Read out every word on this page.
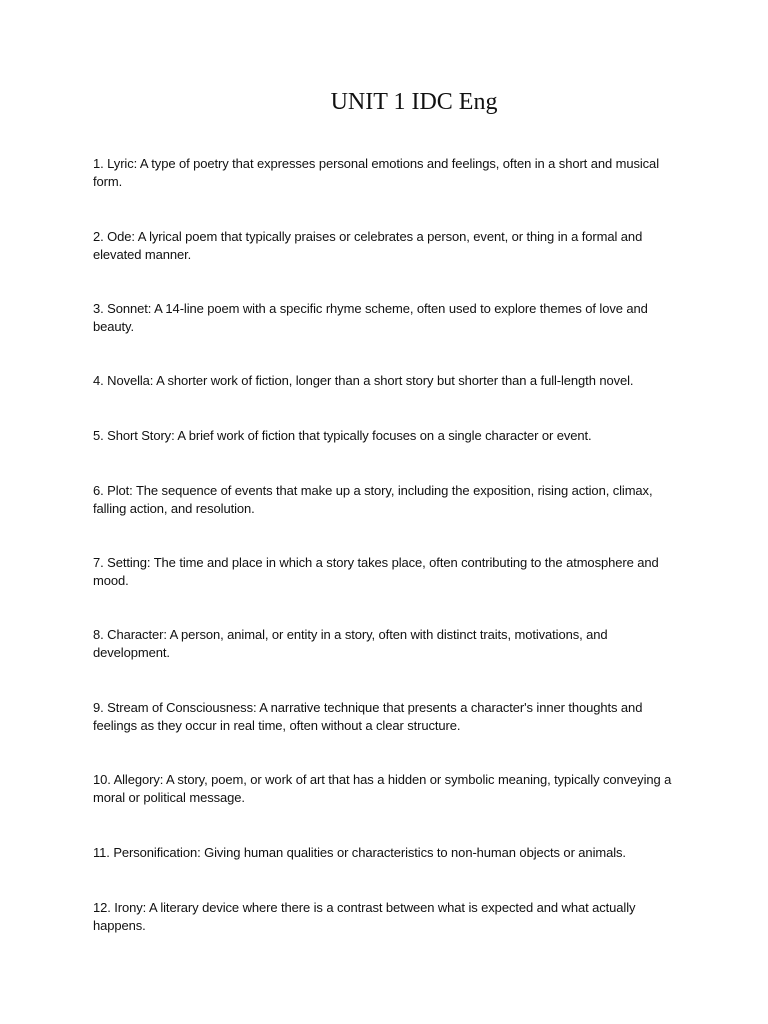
UNIT 1 IDC Eng

1. Lyric: A type of poetry that expresses personal emotions and feelings, often in a short and musical form.

2. Ode: A lyrical poem that typically praises or celebrates a person, event, or thing in a formal and elevated manner.

3. Sonnet: A 14-line poem with a specific rhyme scheme, often used to explore themes of love and beauty.

4. Novella: A shorter work of fiction, longer than a short story but shorter than a full-length novel.

5. Short Story: A brief work of fiction that typically focuses on a single character or event.

6. Plot: The sequence of events that make up a story, including the exposition, rising action, climax, falling action, and resolution.

7. Setting: The time and place in which a story takes place, often contributing to the atmosphere and mood.

8. Character: A person, animal, or entity in a story, often with distinct traits, motivations, and development.

9. Stream of Consciousness: A narrative technique that presents a character's inner thoughts and feelings as they occur in real time, often without a clear structure.

10. Allegory: A story, poem, or work of art that has a hidden or symbolic meaning, typically conveying a moral or political message.

11. Personification: Giving human qualities or characteristics to non-human objects or animals.

12. Irony: A literary device where there is a contrast between what is expected and what actually happens.
